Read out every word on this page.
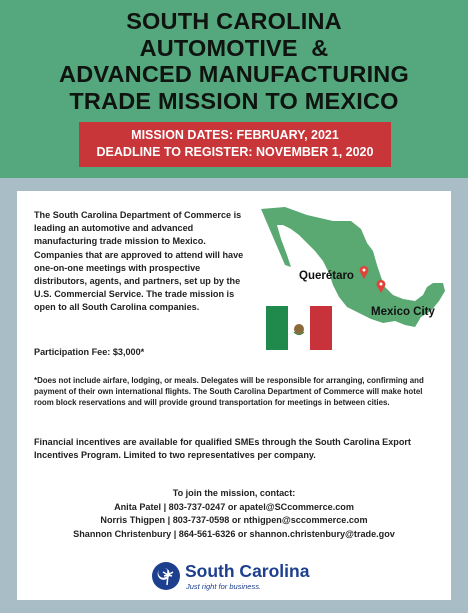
SOUTH CAROLINA
AUTOMOTIVE  &
ADVANCED MANUFACTURING
TRADE MISSION TO MEXICO
MISSION DATES: FEBRUARY, 2021
DEADLINE TO REGISTER: NOVEMBER 1, 2020
The South Carolina Department of Commerce is leading an automotive and advanced manufacturing trade mission to Mexico. Companies that are approved to attend will have one-on-one meetings with prospective distributors, agents, and partners, set up by the U.S. Commercial Service. The trade mission is open to all South Carolina companies.
Querétaro
Mexico City
Participation Fee: $3,000*
*Does not include airfare, lodging, or meals. Delegates will be responsible for arranging, confirming and payment of their own international flights. The South Carolina Department of Commerce will make hotel room block reservations and will provide ground transportation for meetings in between cities.
Financial incentives are available for qualified SMEs through the South Carolina Export Incentives Program. Limited to two representatives per company.
To join the mission, contact:
Anita Patel | 803-737-0247 or apatel@SCcommerce.com
Norris Thigpen | 803-737-0598 or nthigpen@sccommerce.com
Shannon Christenbury | 864-561-6326 or shannon.christenbury@trade.gov
South Carolina
Just right for business.
